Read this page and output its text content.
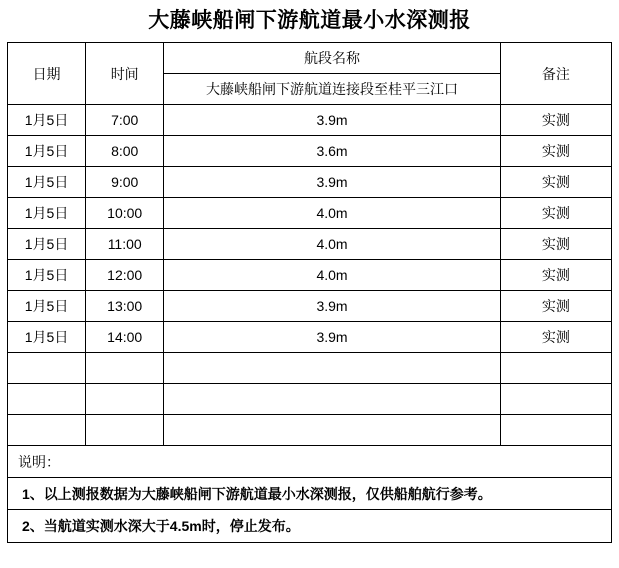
大藤峡船闸下游航道最小水深测报
日期	时间	航段名称	备注
		大藤峡船闸下游航道连接段至桂平三江口	
1月5日	7:00	3.9m	实测
1月5日	8:00	3.6m	实测
1月5日	9:00	3.9m	实测
1月5日	10:00	4.0m	实测
1月5日	11:00	4.0m	实测
1月5日	12:00	4.0m	实测
1月5日	13:00	3.9m	实测
1月5日	14:00	3.9m	实测

说明：
1、以上测报数据为大藤峡船闸下游航道最小水深测报，仅供船舶航行参考。
2、当航道实测水深大于4.5m时，停止发布。
